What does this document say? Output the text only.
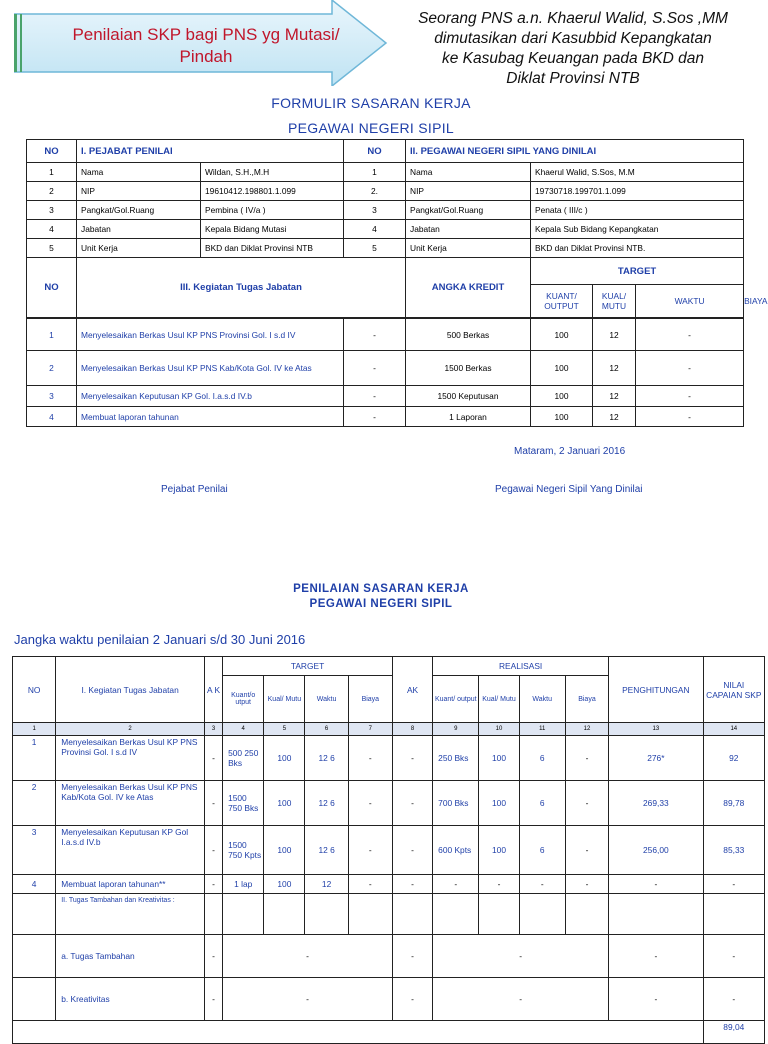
Penilaian SKP bagi PNS yg Mutasi/
Pindah
Seorang PNS a.n. Khaerul Walid, S.Sos ,MM
dimutasikan dari Kasubbid Kepangkatan
ke Kasubag Keuangan pada BKD dan
Diklat Provinsi NTB
FORMULIR SASARAN KERJA
PEGAWAI NEGERI SIPIL
NO	I. PEJABAT PENILAI		NO	II. PEGAWAI NEGERI SIPIL YANG DINILAI				
1	Nama	Wildan, S.H.,M.H	1	Nama	Khaerul Walid, S.Sos, M.M			
2	NIP	19610412.198801.1.099	2.	NIP	19730718.199701.1.099			
3	Pangkat/Gol.Ruang	Pembina ( IV/a )	3	Pangkat/Gol.Ruang	Penata ( III/c )			
4	Jabatan	Kepala Bidang Mutasi	4	Jabatan	Kepala Sub Bidang Kepangkatan			
5	Unit Kerja	BKD dan Diklat Provinsi NTB	5	Unit Kerja	BKD dan Diklat Provinsi NTB.			
NO	III. Kegiatan Tugas Jabatan			ANGKA KREDIT	TARGET			
					KUANT/ OUTPUT	KUAL/ MUTU	WAKTU	BIAYA
1	Menyelesaikan Berkas Usul KP PNS Provinsi Gol. I s.d IV	-	500 Berkas	100	12	-
2	Menyelesaikan Berkas Usul KP PNS Kab/Kota Gol. IV ke Atas	-	1500 Berkas	100	12	-
3	Menyelesaikan Keputusan KP Gol. I.a.s.d IV.b	-	1500 Keputusan	100	12	-
4	Membuat laporan tahunan	-	1 Laporan	100	12	-
Mataram, 2 Januari 2016
Pejabat Penilai	Pegawai Negeri Sipil Yang Dinilai
PENILAIAN SASARAN KERJA
PEGAWAI NEGERI SIPIL
Jangka waktu penilaian 2 Januari s/d 30 Juni 2016
NO	I. Kegiatan Tugas Jabatan	A K	TARGET				AK	REALISASI				PENGHITUNGAN	NILAI CAPAIAN SKP
			Kuant/o utput	Kual/ Mutu	Waktu	Biaya		Kuant/ output	Kual/ Mutu	Waktu	Biaya		
1	2	3	4	5	6	7	8	9	10	11	12	13	14
1	Menyelesaikan Berkas Usul KP PNS Provinsi Gol. I s.d IV	-	500 250 Bks	100	12 6	-	-	250 Bks	100	6	-	276*	92
2	Menyelesaikan Berkas Usul KP PNS Kab/Kota Gol. IV ke Atas	-	1500 750 Bks	100	12 6	-	-	700 Bks	100	6	-	269,33	89,78
3	Menyelesaikan Keputusan KP Gol I.a.s.d IV.b	-	1500 750 Kpts	100	12 6	-	-	600 Kpts	100	6	-	256,00	85,33
4	Membuat laporan tahunan**	-	1 lap	100	12	-	-	-	-	-	-	-	-
	II. Tugas Tambahan dan Kreativitas :												
	a. Tugas Tambahan	-	-				-	-				-	-
	b. Kreativitas	-	-				-	-				-	-
													89,04
